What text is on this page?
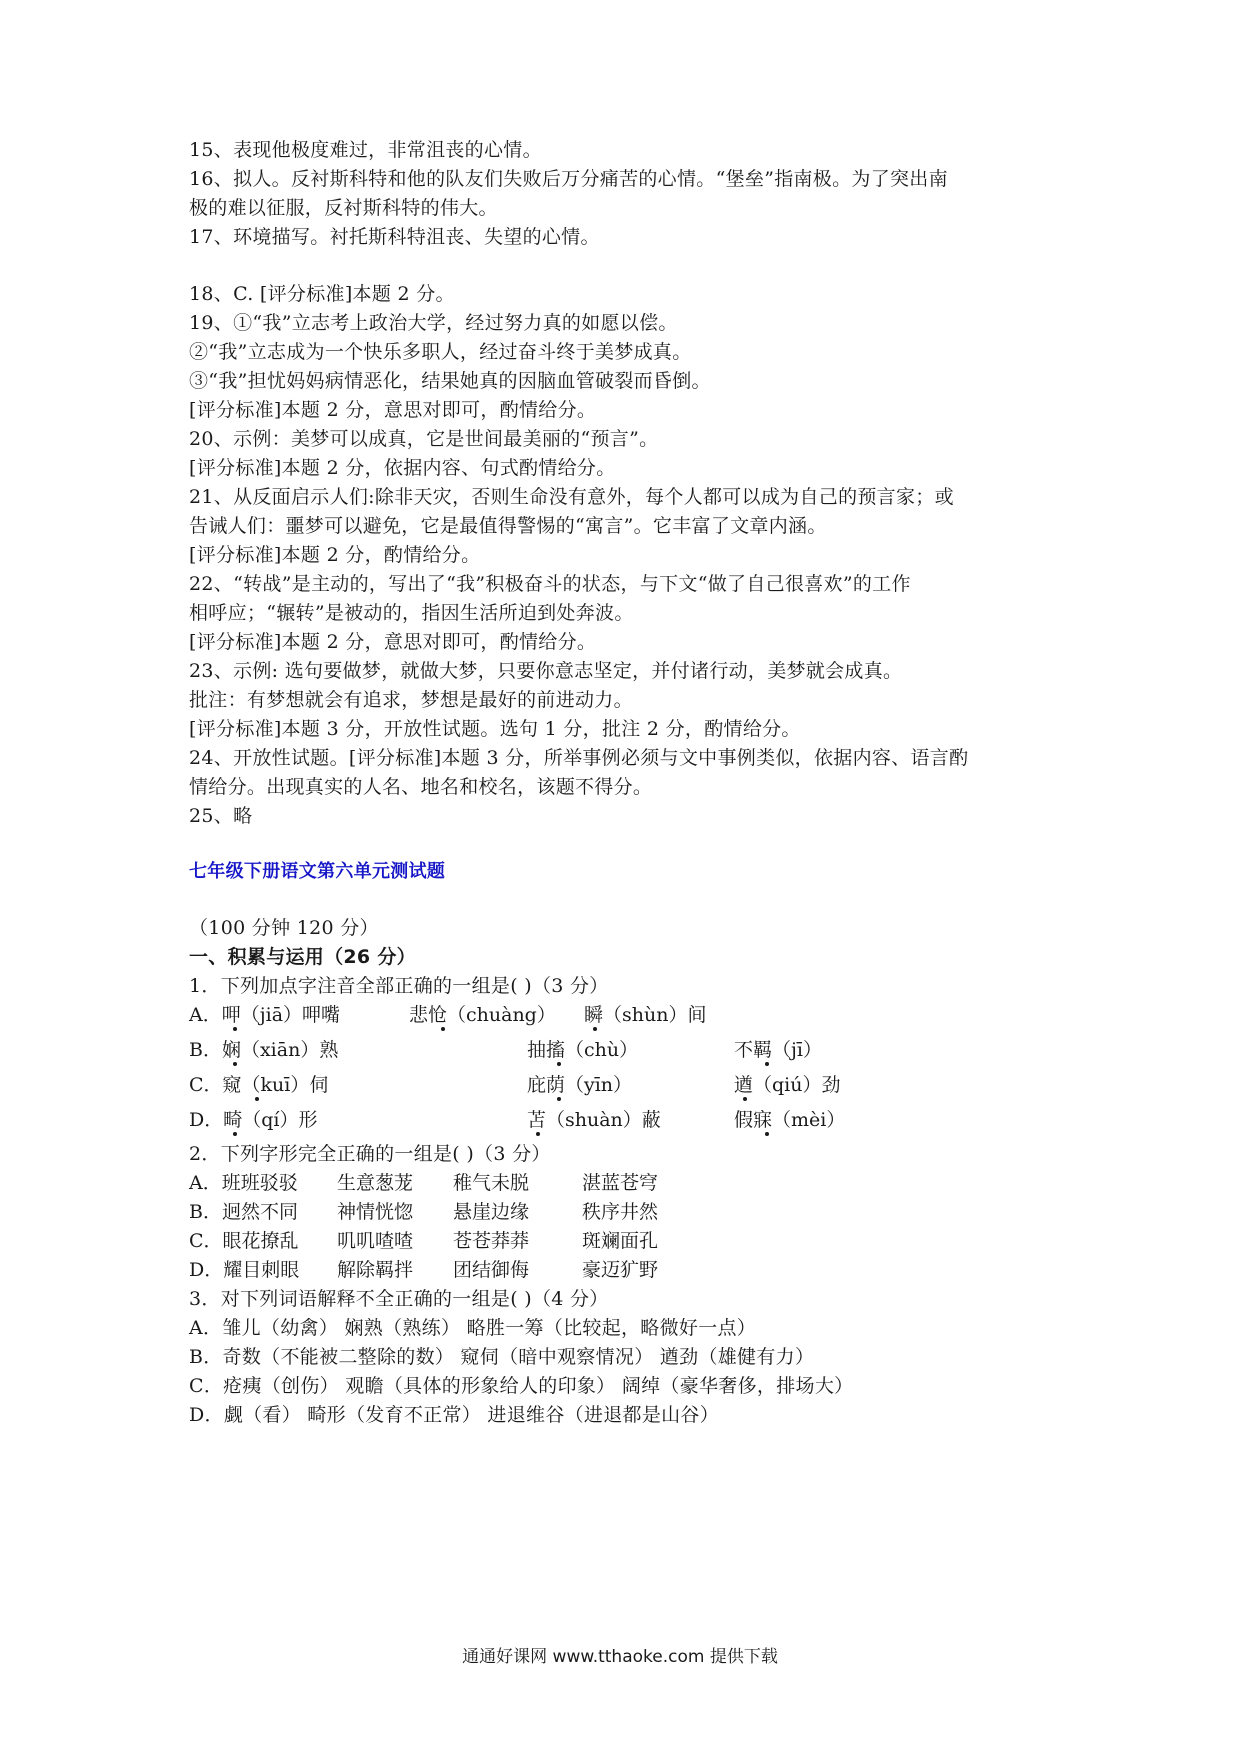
15、表现他极度难过，非常沮丧的心情。
16、拟人。反衬斯科特和他的队友们失败后万分痛苦的心情。“堡垒”指南极。为了突出南
极的难以征服，反衬斯科特的伟大。
17、环境描写。衬托斯科特沮丧、失望的心情。
18、C. [评分标准]本题 2 分。
19、①“我”立志考上政治大学，经过努力真的如愿以偿。
②“我”立志成为一个快乐多职人，经过奋斗终于美梦成真。
③“我”担忧妈妈病情恶化，结果她真的因脑血管破裂而昏倒。
[评分标准]本题 2 分，意思对即可，酌情给分。
20、示例：美梦可以成真，它是世间最美丽的“预言”。
[评分标准]本题 2 分，依据内容、句式酌情给分。
21、从反面启示人们:除非天灾，否则生命没有意外，每个人都可以成为自己的预言家；或
告诫人们：噩梦可以避免，它是最值得警惕的“寓言”。它丰富了文章内涵。
[评分标准]本题 2 分，酌情给分。
22、“转战”是主动的，写出了“我”积极奋斗的状态，与下文“做了自己很喜欢”的工作
相呼应；“辗转”是被动的，指因生活所迫到处奔波。
[评分标准]本题 2 分，意思对即可，酌情给分。
23、示例: 选句要做梦，就做大梦，只要你意志坚定，并付诸行动，美梦就会成真。
批注：有梦想就会有追求，梦想是最好的前进动力。
[评分标准]本题 3 分，开放性试题。选句 1 分，批注 2 分，酌情给分。
24、开放性试题。[评分标准]本题 3 分，所举事例必须与文中事例类似，依据内容、语言酌
情给分。出现真实的人名、地名和校名，该题不得分。
25、略
七年级下册语文第六单元测试题
（100 分钟 120 分）
一、积累与运用（26 分）
1．下列加点字注音全部正确的一组是( )（3 分）
A．呷（jiā）呷嘴	悲怆（chuàng） 瞬（shùn）间
B．娴（xiān）熟	抽搐（chù）	不羁（jī）
C．窥（kuī）伺	庇荫（yīn）	遒（qiú）劲
D．畸（qí）形	苫（shuàn）蔽	假寐（mèi）
2．下列字形完全正确的一组是( )（3 分）
A．班班驳驳 生意葱茏 稚气未脱	湛蓝苍穹
B．迥然不同 神情恍惚 悬崖边缘	秩序井然
C．眼花撩乱 叽叽喳喳 苍苍莽莽	斑斓面孔
D．耀目刺眼 解除羁拌 团结御侮	豪迈犷野
3．对下列词语解释不全正确的一组是( )（4 分）
A．雏儿（幼禽） 娴熟（熟练） 略胜一筹（比较起，略微好一点）
B．奇数（不能被二整除的数） 窥伺（暗中观察情况） 遒劲（雄健有力）
C．疮痍（创伤） 观瞻（具体的形象给人的印象） 阔绰（豪华奢侈，排场大）
D．觑（看） 畸形（发育不正常） 进退维谷（进退都是山谷）
通通好课网 www.tthaoke.com 提供下载
